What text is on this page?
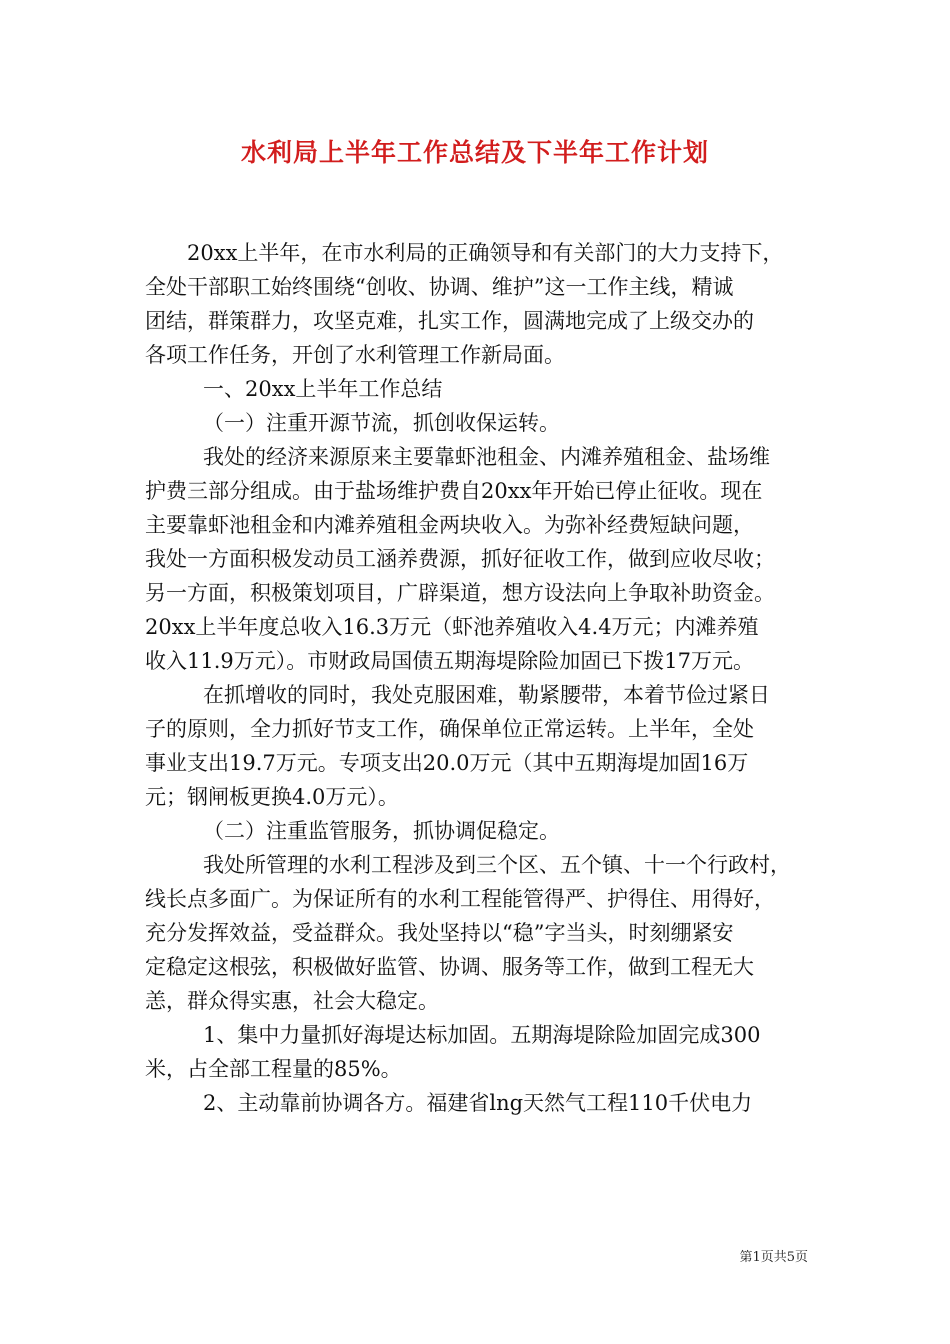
水利局上半年工作总结及下半年工作计划
20xx上半年，在市水利局的正确领导和有关部门的大力支持下，
全处干部职工始终围绕“创收、协调、维护”这一工作主线，精诚
团结，群策群力，攻坚克难，扎实工作，圆满地完成了上级交办的
各项工作任务，开创了水利管理工作新局面。
一、20xx上半年工作总结
（一）注重开源节流，抓创收保运转。
我处的经济来源原来主要靠虾池租金、内滩养殖租金、盐场维
护费三部分组成。由于盐场维护费自20xx年开始已停止征收。现在
主要靠虾池租金和内滩养殖租金两块收入。为弥补经费短缺问题，
我处一方面积极发动员工涵养费源，抓好征收工作，做到应收尽收；
另一方面，积极策划项目，广辟渠道，想方设法向上争取补助资金。
20xx上半年度总收入16.3万元（虾池养殖收入4.4万元；内滩养殖
收入11.9万元）。市财政局国债五期海堤除险加固已下拨17万元。
在抓增收的同时，我处克服困难，勒紧腰带，本着节俭过紧日
子的原则，全力抓好节支工作，确保单位正常运转。上半年，全处
事业支出19.7万元。专项支出20.0万元（其中五期海堤加固16万
元；钢闸板更换4.0万元）。
（二）注重监管服务，抓协调促稳定。
我处所管理的水利工程涉及到三个区、五个镇、十一个行政村，
线长点多面广。为保证所有的水利工程能管得严、护得住、用得好，
充分发挥效益，受益群众。我处坚持以“稳”字当头，时刻绷紧安
定稳定这根弦，积极做好监管、协调、服务等工作，做到工程无大
恙，群众得实惠，社会大稳定。
1、集中力量抓好海堤达标加固。五期海堤除险加固完成300
米，占全部工程量的85%。
2、主动靠前协调各方。福建省lng天然气工程110千伏电力
第1页共5页
